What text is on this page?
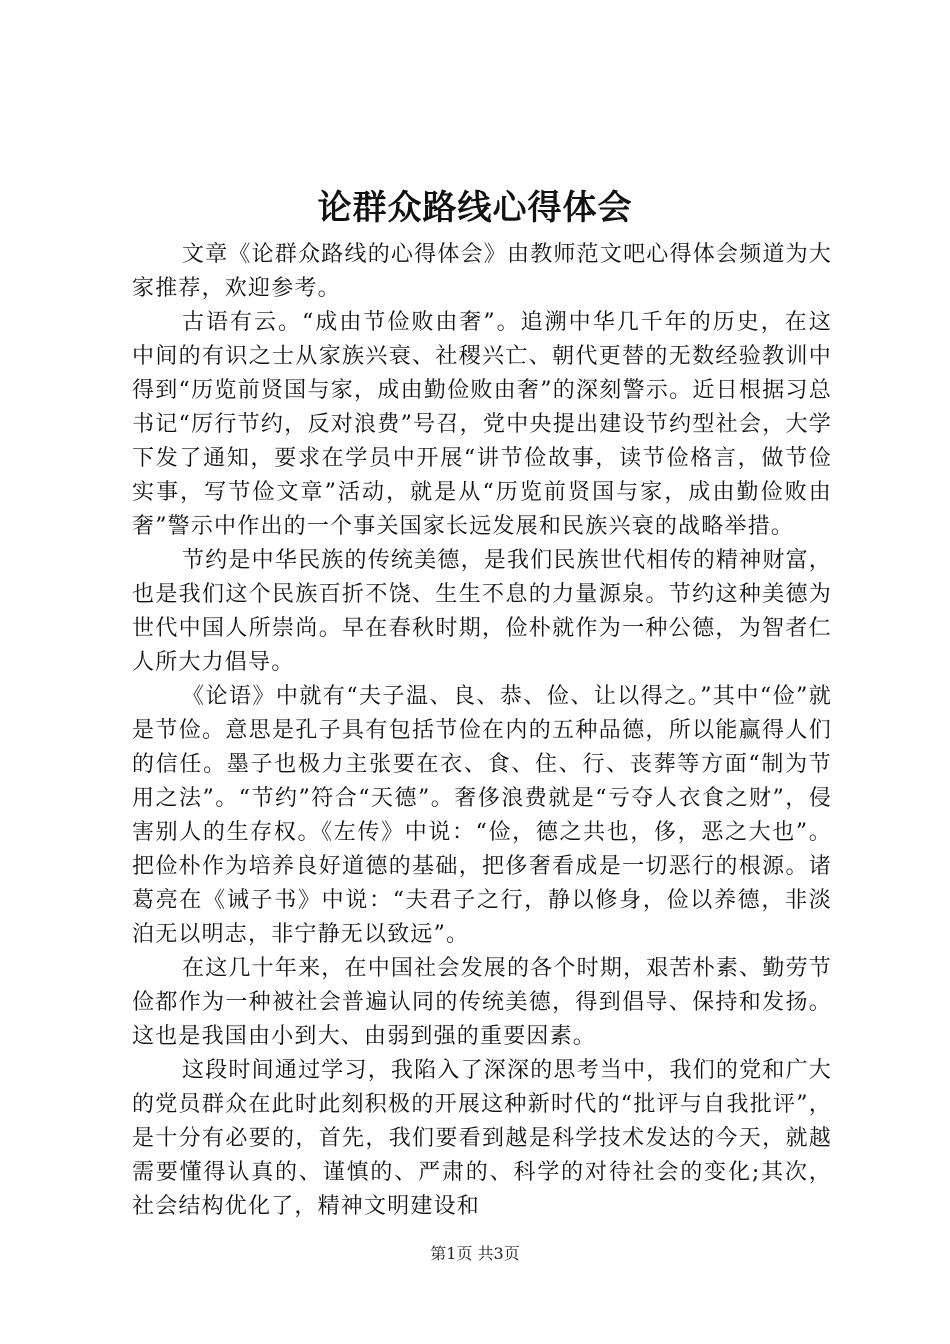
论群众路线心得体会

文章《论群众路线的心得体会》由教师范文吧心得体会频道为大家推荐，欢迎参考。

古语有云。“成由节俭败由奢”。追溯中华几千年的历史，在这中间的有识之士从家族兴衰、社稷兴亡、朝代更替的无数经验教训中得到“历览前贤国与家，成由勤俭败由奢”的深刻警示。近日根据习总书记“厉行节约，反对浪费”号召，党中央提出建设节约型社会，大学下发了通知，要求在学员中开展“讲节俭故事，读节俭格言，做节俭实事，写节俭文章”活动，就是从“历览前贤国与家，成由勤俭败由奢”警示中作出的一个事关国家长远发展和民族兴衰的战略举措。

节约是中华民族的传统美德，是我们民族世代相传的精神财富，也是我们这个民族百折不饶、生生不息的力量源泉。节约这种美德为世代中国人所崇尚。早在春秋时期，俭朴就作为一种公德，为智者仁人所大力倡导。

《论语》中就有“夫子温、良、恭、俭、让以得之。”其中“俭”就是节俭。意思是孔子具有包括节俭在内的五种品德，所以能赢得人们的信任。墨子也极力主张要在衣、食、住、行、丧葬等方面“制为节用之法”。“节约”符合“天德”。奢侈浪费就是“亏夺人衣食之财”，侵害别人的生存权。《左传》中说：“俭，德之共也，侈，恶之大也”。把俭朴作为培养良好道德的基础，把侈奢看成是一切恶行的根源。诸葛亮在《诫子书》中说：“夫君子之行，静以修身，俭以养德，非淡泊无以明志，非宁静无以致远”。

在这几十年来，在中国社会发展的各个时期，艰苦朴素、勤劳节俭都作为一种被社会普遍认同的传统美德，得到倡导、保持和发扬。这也是我国由小到大、由弱到强的重要因素。

这段时间通过学习，我陷入了深深的思考当中，我们的党和广大的党员群众在此时此刻积极的开展这种新时代的“批评与自我批评”，是十分有必要的，首先，我们要看到越是科学技术发达的今天，就越需要懂得认真的、谨慎的、严肃的、科学的对待社会的变化;其次，社会结构优化了，精神文明建设和

第1页 共3页
